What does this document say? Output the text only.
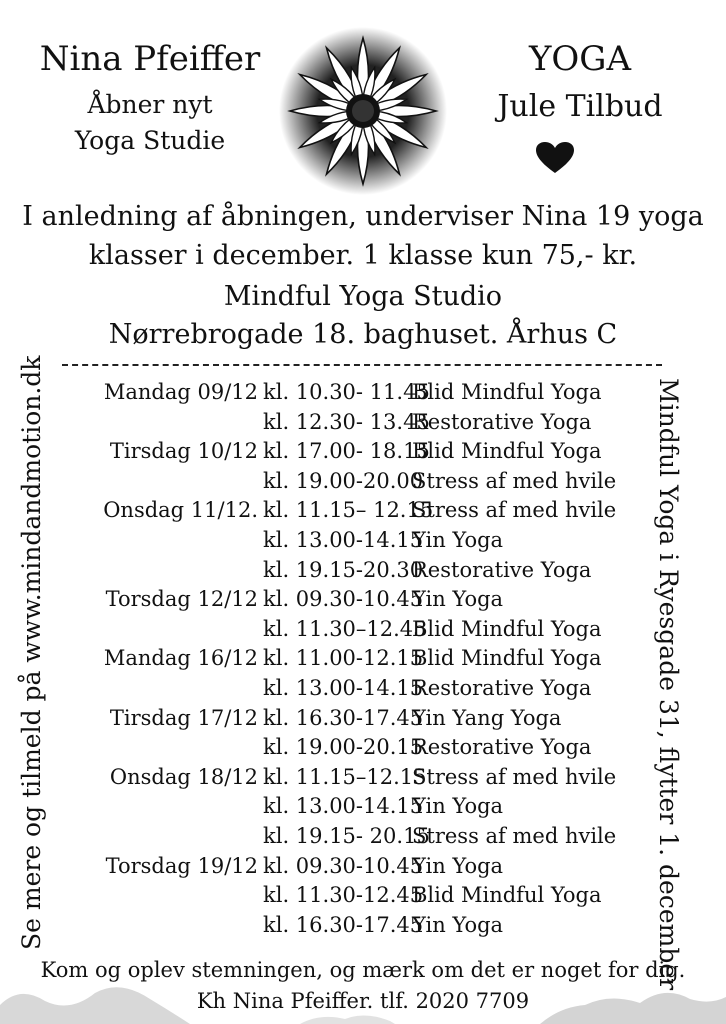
Nina Pfeiffer
Åbner nyt
Yoga Studie
YOGA
Jule Tilbud
I anledning af åbningen, underviser Nina 19 yoga
klasser i december. 1 klasse kun 75,- kr.
Mindful Yoga Studio
Nørrebrogade 18. baghuset. Århus C
Mandag 09/12 kl. 10.30- 11.45
Blid Mindful Yoga
kl. 12.30- 13.45
Restorative Yoga
Tirsdag 10/12 kl. 17.00- 18.15
Blid Mindful Yoga
kl. 19.00-20.00
Stress af med hvile
Onsdag 11/12. kl. 11.15– 12.15
Stress af med hvile
kl. 13.00-14.15
Yin Yoga
kl. 19.15-20.30
Restorative Yoga
Torsdag 12/12 kl. 09.30-10.45
Yin Yoga
kl. 11.30–12.45
Blid Mindful Yoga
Mandag 16/12 kl. 11.00-12.15
Blid Mindful Yoga
kl. 13.00-14.15
Restorative Yoga
Tirsdag 17/12 kl. 16.30-17.45
Yin Yang Yoga
kl. 19.00-20.15
Restorative Yoga
Onsdag 18/12 kl. 11.15–12.15
Stress af med hvile
kl. 13.00-14.15
Yin Yoga
kl. 19.15- 20.15
Stress af med hvile
Torsdag 19/12 kl. 09.30-10.45
Yin Yoga
kl. 11.30-12.45
Blid Mindful Yoga
kl. 16.30-17.45
Yin Yoga
Se mere og tilmeld på www.mindandmotion.dk	Mindful Yoga i Ryesgade 31, flytter 1. december
Kom og oplev stemningen, og mærk om det er noget for dig.
Kh Nina Pfeiffer. tlf. 2020 7709
